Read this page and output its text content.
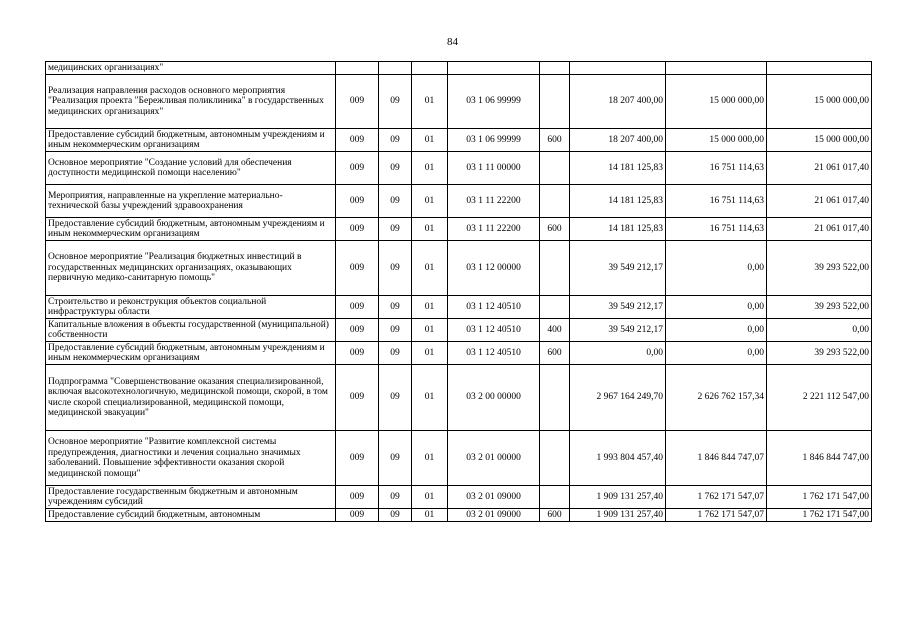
84
медицинских организациях"								
Реализация направления расходов основного мероприятия "Реализация проекта "Бережливая поликлиника" в государственных медицинских организациях"	009	09	01	03 1 06 99999		18 207 400,00	15 000 000,00	15 000 000,00
Предоставление субсидий бюджетным, автономным учреждениям и иным некоммерческим организациям	009	09	01	03 1 06 99999	600	18 207 400,00	15 000 000,00	15 000 000,00
Основное мероприятие "Создание условий для обеспечения доступности медицинской помощи населению"	009	09	01	03 1 11 00000		14 181 125,83	16 751 114,63	21 061 017,40
Мероприятия, направленные на укрепление материально-технической базы учреждений здравоохранения	009	09	01	03 1 11 22200		14 181 125,83	16 751 114,63	21 061 017,40
Предоставление субсидий бюджетным, автономным учреждениям и иным некоммерческим организациям	009	09	01	03 1 11 22200	600	14 181 125,83	16 751 114,63	21 061 017,40
Основное мероприятие "Реализация бюджетных инвестиций в государственных медицинских организациях, оказывающих первичную медико-санитарную помощь"	009	09	01	03 1 12 00000		39 549 212,17	0,00	39 293 522,00
Строительство и реконструкция объектов социальной инфраструктуры области	009	09	01	03 1 12 40510		39 549 212,17	0,00	39 293 522,00
Капитальные вложения в объекты государственной (муниципальной) собственности	009	09	01	03 1 12 40510	400	39 549 212,17	0,00	0,00
Предоставление субсидий бюджетным, автономным учреждениям и иным некоммерческим организациям	009	09	01	03 1 12 40510	600	0,00	0,00	39 293 522,00
Подпрограмма "Совершенствование оказания специализированной, включая высокотехнологичную, медицинской помощи, скорой, в том числе скорой специализированной, медицинской помощи, медицинской эвакуации"	009	09	01	03 2 00 00000		2 967 164 249,70	2 626 762 157,34	2 221 112 547,00
Основное мероприятие "Развитие комплексной системы предупреждения, диагностики и лечения социально значимых заболеваний. Повышение эффективности оказания скорой медицинской помощи"	009	09	01	03 2 01 00000		1 993 804 457,40	1 846 844 747,07	1 846 844 747,00
Предоставление государственным бюджетным и автономным учреждениям субсидий	009	09	01	03 2 01 09000		1 909 131 257,40	1 762 171 547,07	1 762 171 547,00
Предоставление субсидий бюджетным, автономным	009	09	01	03 2 01 09000	600	1 909 131 257,40	1 762 171 547,07	1 762 171 547,00
